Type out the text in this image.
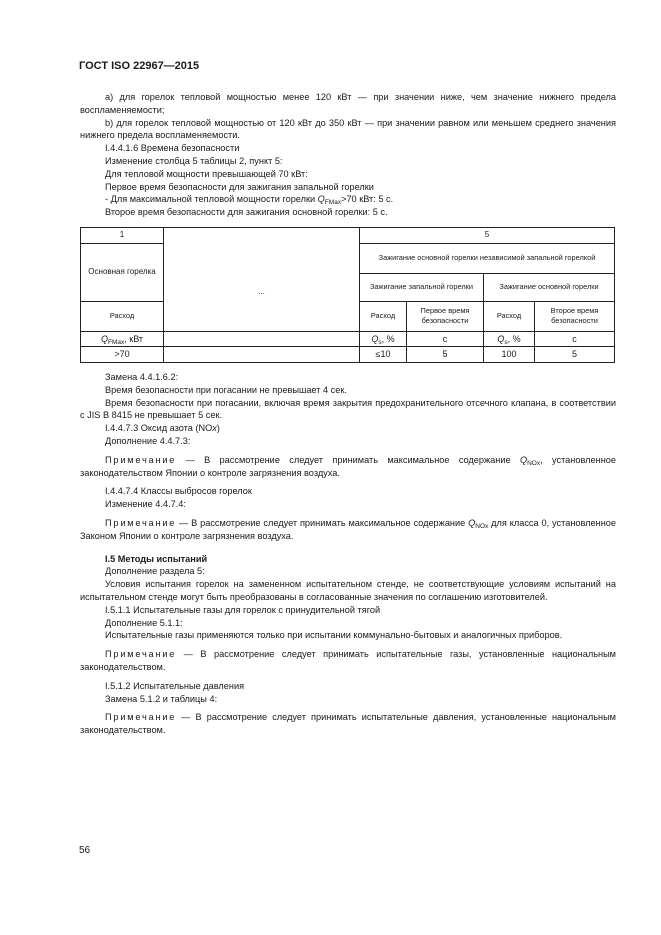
ГОСТ ISO 22967—2015

а) для горелок тепловой мощностью менее 120 кВт — при значении ниже, чем значение нижнего предела воспламеняемости;

b) для горелок тепловой мощностью от 120 кВт до 350 кВт — при значении равном или меньшем среднего значения нижнего предела воспламеняемости.

I.4.4.1.6 Времена безопасности

Изменение столбца 5 таблицы 2, пункт 5:

Для тепловой мощности превышающей 70 кВт:

Первое время безопасности для зажигания запальной горелки

- Для максимальной тепловой мощности горелки $Q_{FMax}>70$ кВт: 5 с.

Второе время безопасности для зажигания основной горелки: 5 с.

1	...	5			
Основная горелка		Зажигание основной горелки независимой запальной горелкой			
		Зажигание запальной горелки		Зажигание основной горелки	
Расход		Расход	Первое время безопасности	Расход	Второе время безопасности
$Q_{FMax}$, кВт		$Q_s$, %	с	$Q_s$, %	с
>70		≤10	5	100	5

Замена 4.4.1.6.2:

Время безопасности при погасании не превышает 4 сек.

Время безопасности при погасании, включая время закрытия предохранительного отсечного клапана, в соответствии с JIS B 8415 не превышает 5 сек.

I.4.4.7.3 Оксид азота (NOx)

Дополнение 4.4.7.3:

Примечание — В рассмотрение следует принимать максимальное содержание $Q_{NOx}$, установленное законодательством Японии о контроле загрязнения воздуха.

I.4.4.7.4 Классы выбросов горелок

Изменение 4.4.7.4:

Примечание — В рассмотрение следует принимать максимальное содержание $Q_{NOx}$ для класса 0, установленное Законом Японии о контроле загрязнения воздуха.

I.5 Методы испытаний

Дополнение раздела 5:

Условия испытания горелок на замененном испытательном стенде, не соответствующие условиям испытаний на испытательном стенде могут быть преобразованы в согласованные значения по соглашению изготовителей.

I.5.1.1 Испытательные газы для горелок с принудительной тягой

Дополнение 5.1.1:

Испытательные газы применяются только при испытании коммунально-бытовых и аналогичных приборов.

Примечание — В рассмотрение следует принимать испытательные газы, установленные национальным законодательством.

I.5.1.2 Испытательные давления

Замена 5.1.2 и таблицы 4:

Примечание — В рассмотрение следует принимать испытательные давления, установленные национальным законодательством.

56
